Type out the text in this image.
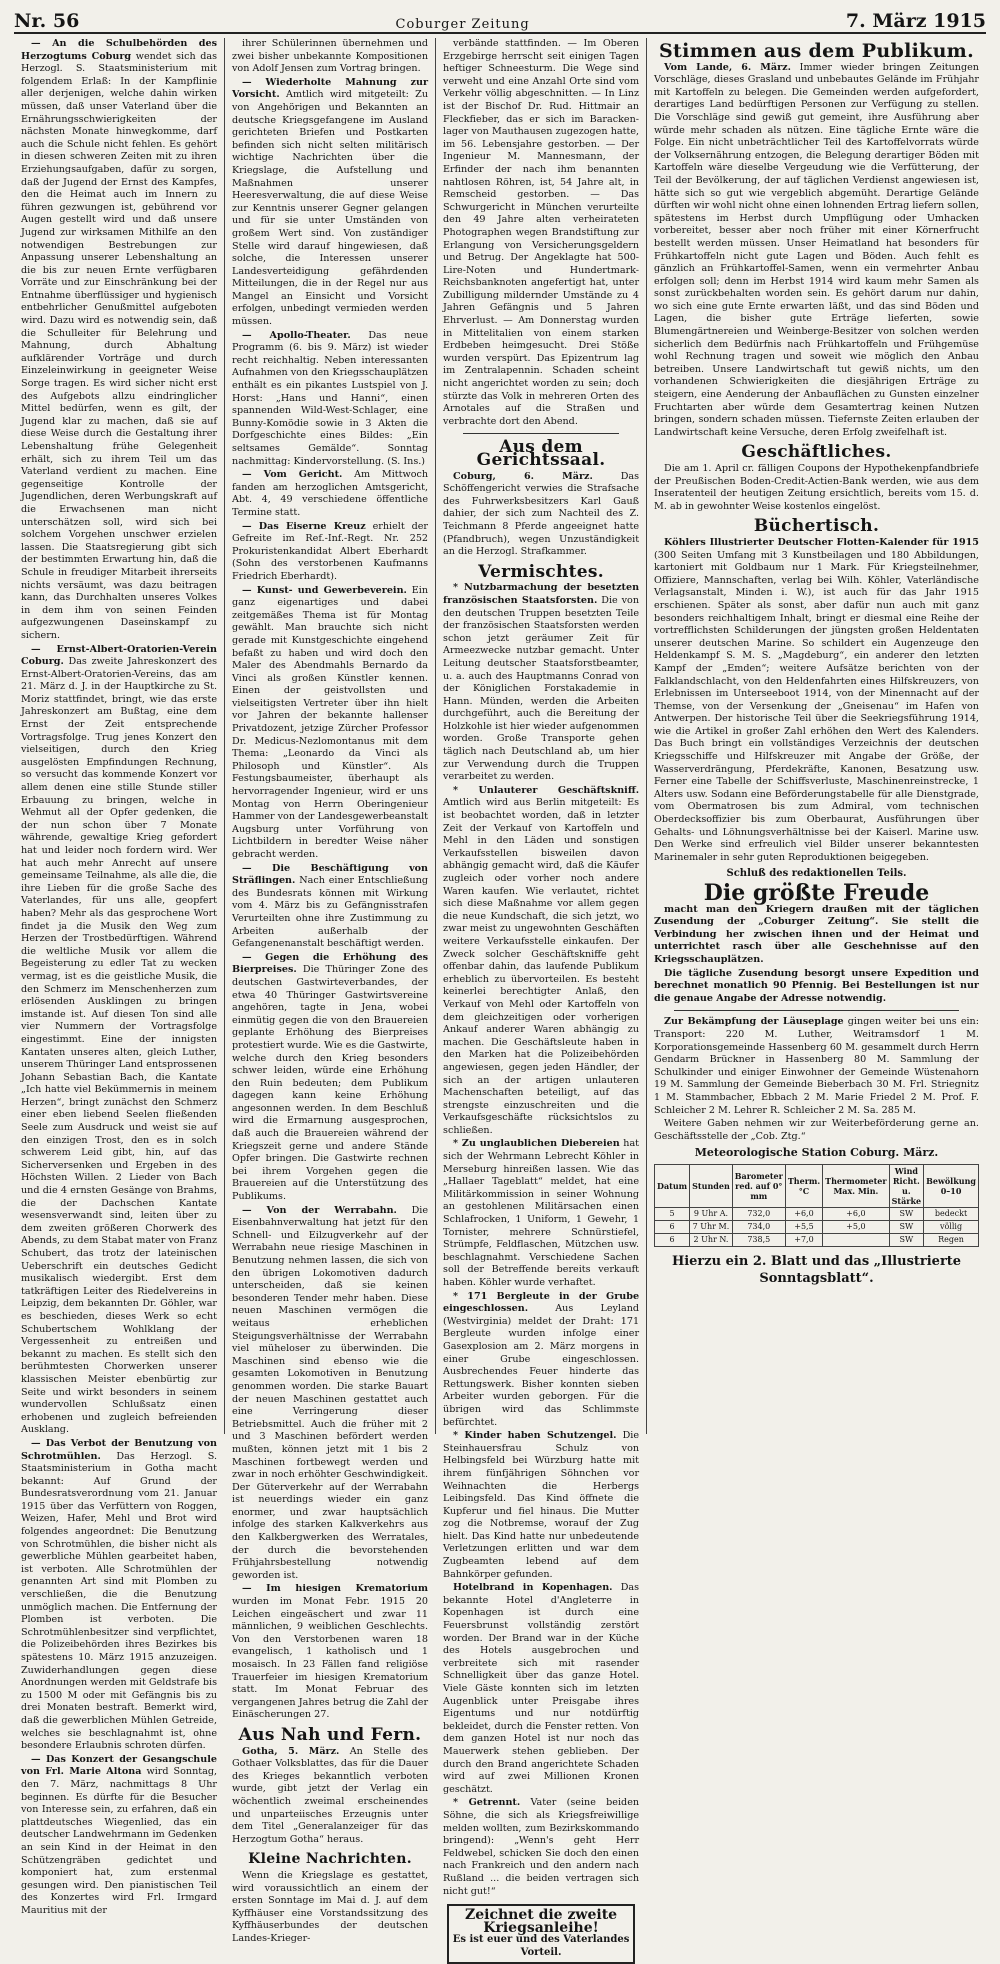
Nr. 56	Coburger Zeitung	7. März 1915

— An die Schulbehörden des Herzogtums Coburg wendet sich das Herzogl. S. Staatsministerium mit folgendem Erlaß: In der Kampflinie aller derjenigen, welche dahin wirken müssen, daß unser Vaterland über die Ernährungsschwierigkeiten der nächsten Monate hinwegkomme, darf auch die Schule nicht fehlen. Es gehört in diesen schweren Zeiten mit zu ihren Erziehungsaufgaben, dafür zu sorgen, daß der Jugend der Ernst des Kampfes, den die Heimat auch im Innern zu führen gezwungen ist, gebührend vor Augen gestellt wird und daß unsere Jugend zur wirksamen Mithilfe an den notwendigen Bestrebungen zur Anpassung unserer Lebenshaltung an die bis zur neuen Ernte verfügbaren Vorräte und zur Einschränkung bei der Entnahme überflüssiger und hygienisch entbehrlicher Genußmittel aufgeboten wird. Dazu wird es notwendig sein, daß die Schulleiter für Belehrung und Mahnung, durch Abhaltung aufklärender Vorträge und durch Einzeleinwirkung in geeigneter Weise Sorge tragen. Es wird sicher nicht erst des Aufgebots allzu eindringlicher Mittel bedürfen, wenn es gilt, der Jugend klar zu machen, daß sie auf diese Weise durch die Gestaltung ihrer Lebenshaltung frühe Gelegenheit erhält, sich zu ihrem Teil um das Vaterland verdient zu machen. Eine gegenseitige Kontrolle der Jugendlichen, deren Werbungskraft auf die Erwachsenen man nicht unterschätzen soll, wird sich bei solchem Vorgehen unschwer erzielen lassen. Die Staatsregierung gibt sich der bestimmten Erwartung hin, daß die Schule in freudiger Mitarbeit ihrerseits nichts versäumt, was dazu beitragen kann, das Durchhalten unseres Volkes in dem ihm von seinen Feinden aufgezwungenen Daseinskampf zu sichern.

— Ernst-Albert-Oratorien-Verein Coburg. Das zweite Jahreskonzert des Ernst-Albert-Oratorien-Vereins, das am 21. März d. J. in der Hauptkirche zu St. Moriz stattfindet, bringt, wie das erste Jahreskonzert am Bußtag, eine dem Ernst der Zeit entsprechende Vortragsfolge. Trug jenes Konzert den vielseitigen, durch den Krieg ausgelösten Empfindungen Rechnung, so versucht das kommende Konzert vor allem denen eine stille Stunde stiller Erbauung zu bringen, welche in Wehmut all der Opfer gedenken, die der nun schon über 7 Monate währende, gewaltige Krieg gefordert hat und leider noch fordern wird. Wer hat auch mehr Anrecht auf unsere gemeinsame Teilnahme, als alle die, die ihre Lieben für die große Sache des Vaterlandes, für uns alle, geopfert haben? Mehr als das gesprochene Wort findet ja die Musik den Weg zum Herzen der Trostbedürftigen. Während die weltliche Musik vor allem die Begeisterung zu edler Tat zu wecken vermag, ist es die geistliche Musik, die den Schmerz im Menschenherzen zum erlösenden Ausklingen zu bringen imstande ist. Auf diesen Ton sind alle vier Nummern der Vortragsfolge eingestimmt. Eine der innigsten Kantaten unseres alten, gleich Luther, unserem Thüringer Land entsprossenen Johann Sebastian Bach, die Kantate „Ich hatte viel Bekümmernis in meinem Herzen“, bringt zunächst den Schmerz einer eben liebend Seelen fließenden Seele zum Ausdruck und weist sie auf den einzigen Trost, den es in solch schwerem Leid gibt, hin, auf das Sicherversenken und Ergeben in des Höchsten Willen. 2 Lieder von Bach und die 4 ernsten Gesänge von Brahms, die der Dachschen Kantate wesensverwandt sind, leiten über zu dem zweiten größeren Chorwerk des Abends, zu dem Stabat mater von Franz Schubert, das trotz der lateinischen Ueberschrift ein deutsches Gedicht musikalisch wiedergibt. Erst dem tatkräftigen Leiter des Riedelvereins in Leipzig, dem bekannten Dr. Göhler, war es beschieden, dieses Werk so echt Schubertschem Wohlklang der Vergessenheit zu entreißen und bekannt zu machen. Es stellt sich den berühmtesten Chorwerken unserer klassischen Meister ebenbürtig zur Seite und wirkt besonders in seinem wundervollen Schlußsatz einen erhobenen und zugleich befreienden Ausklang.

— Das Verbot der Benutzung von Schrotmühlen. Das Herzogl. S. Staatsministerium in Gotha macht bekannt: Auf Grund der Bundesratsverordnung vom 21. Januar 1915 über das Verfüttern von Roggen, Weizen, Hafer, Mehl und Brot wird folgendes angeordnet: Die Benutzung von Schrotmühlen, die bisher nicht als gewerbliche Mühlen gearbeitet haben, ist verboten. Alle Schrotmühlen der genannten Art sind mit Plomben zu verschließen, die die Benutzung unmöglich machen. Die Entfernung der Plomben ist verboten. Die Schrotmühlenbesitzer sind verpflichtet, die Polizeibehörden ihres Bezirkes bis spätestens 10. März 1915 anzuzeigen. Zuwiderhandlungen gegen diese Anordnungen werden mit Geldstrafe bis zu 1500 M oder mit Gefängnis bis zu drei Monaten bestraft. Bemerkt wird, daß die gewerblichen Mühlen Getreide, welches sie beschlagnahmt ist, ohne besondere Erlaubnis schroten dürfen.

— Das Konzert der Gesangschule von Frl. Marie Altona wird Sonntag, den 7. März, nachmittags 8 Uhr beginnen. Es dürfte für die Besucher von Interesse sein, zu erfahren, daß ein plattdeutsches Wiegenlied, das ein deutscher Landwehrmann im Gedenken an sein Kind in der Heimat in den Schützengräben gedichtet und komponiert hat, zum erstenmal gesungen wird. Den pianistischen Teil des Konzertes wird Frl. Irmgard Mauritius mit der

ihrer Schülerinnen übernehmen und zwei bisher unbekannte Kompositionen von Adolf Jensen zum Vortrag bringen.

— Wiederholte Mahnung zur Vorsicht. Amtlich wird mitgeteilt: Zu von Angehörigen und Bekannten an deutsche Kriegsgefangene im Ausland gerichteten Briefen und Postkarten befinden sich nicht selten militärisch wichtige Nachrichten über die Kriegslage, die Aufstellung und Maßnahmen unserer Heeresverwaltung, die auf diese Weise zur Kenntnis unserer Gegner gelangen und für sie unter Umständen von großem Wert sind. Von zuständiger Stelle wird darauf hingewiesen, daß solche, die Interessen unserer Landesverteidigung gefährdenden Mitteilungen, die in der Regel nur aus Mangel an Einsicht und Vorsicht erfolgen, unbedingt vermieden werden müssen.

— Apollo-Theater. Das neue Programm (6. bis 9. März) ist wieder recht reichhaltig. Neben interessanten Aufnahmen von den Kriegsschauplätzen enthält es ein pikantes Lustspiel von J. Horst: „Hans und Hanni“, einen spannenden Wild-West-Schlager, eine Bunny-Komödie sowie in 3 Akten die Dorfgeschichte eines Bildes: „Ein seltsames Gemälde“. Sonntag nachmittag: Kindervorstellung. (S. Ins.)

— Vom Gericht. Am Mittwoch fanden am herzoglichen Amtsgericht, Abt. 4, 49 verschiedene öffentliche Termine statt.

— Das Eiserne Kreuz erhielt der Gefreite im Ref.-Inf.-Regt. Nr. 252 Prokuristenkandidat Albert Eberhardt (Sohn des verstorbenen Kaufmanns Friedrich Eberhardt).

— Kunst- und Gewerbeverein. Ein ganz eigenartiges und dabei zeitgemäßes Thema ist für Montag gewählt. Man brauchte sich nicht gerade mit Kunstgeschichte eingehend befaßt zu haben und wird doch den Maler des Abendmahls Bernardo da Vinci als großen Künstler kennen. Einen der geistvollsten und vielseitigsten Vertreter über ihn hielt vor Jahren der bekannte hallenser Privatdozent, jetzige Zürcher Professor Dr. Medicus-Nezlomontanus mit dem Thema: „Leonardo da Vinci als Philosoph und Künstler“. Als Festungsbaumeister, überhaupt als hervorragender Ingenieur, wird er uns Montag von Herrn Oberingenieur Hammer von der Landesgewerbeanstalt Augsburg unter Vorführung von Lichtbildern in beredter Weise näher gebracht werden.

— Die Beschäftigung von Sträflingen. Nach einer Entschließung des Bundesrats können mit Wirkung vom 4. März bis zu Gefängnisstrafen Verurteilten ohne ihre Zustimmung zu Arbeiten außerhalb der Gefangenenanstalt beschäftigt werden.

— Gegen die Erhöhung des Bierpreises. Die Thüringer Zone des deutschen Gastwirteverbandes, der etwa 40 Thüringer Gastwirtsvereine angehören, tagte in Jena, wobei einmütig gegen die von den Brauereien geplante Erhöhung des Bierpreises protestiert wurde. Wie es die Gastwirte, welche durch den Krieg besonders schwer leiden, würde eine Erhöhung den Ruin bedeuten; dem Publikum dagegen kann keine Erhöhung angesonnen werden. In dem Beschluß wird die Ermarnung ausgesprochen, daß auch die Brauereien während der Kriegszeit gerne und andere Stände Opfer bringen. Die Gastwirte rechnen bei ihrem Vorgehen gegen die Brauereien auf die Unterstützung des Publikums.

— Von der Werrabahn. Die Eisenbahnverwaltung hat jetzt für den Schnell- und Eilzugverkehr auf der Werrabahn neue riesige Maschinen in Benutzung nehmen lassen, die sich von den übrigen Lokomotiven dadurch unterscheiden, daß sie keinen besonderen Tender mehr haben. Diese neuen Maschinen vermögen die weitaus erheblichen Steigungsverhältnisse der Werrabahn viel müheloser zu überwinden. Die Maschinen sind ebenso wie die gesamten Lokomotiven in Benutzung genommen worden. Die starke Bauart der neuen Maschinen gestattet auch eine Verringerung dieser Betriebsmittel. Auch die früher mit 2 und 3 Maschinen befördert werden mußten, können jetzt mit 1 bis 2 Maschinen fortbewegt werden und zwar in noch erhöhter Geschwindigkeit. Der Güterverkehr auf der Werrabahn ist neuerdings wieder ein ganz enormer, und zwar hauptsächlich infolge des starken Kalkverkehrs aus den Kalkbergwerken des Werratales, der durch die bevorstehenden Frühjahrsbestellung notwendig geworden ist.

— Im hiesigen Krematorium wurden im Monat Febr. 1915 20 Leichen eingeäschert und zwar 11 männlichen, 9 weiblichen Geschlechts. Von den Verstorbenen waren 18 evangelisch, 1 katholisch und 1 mosaisch. In 23 Fällen fand religiöse Trauerfeier im hiesigen Krematorium statt. Im Monat Februar des vergangenen Jahres betrug die Zahl der Einäscherungen 27.

Aus Nah und Fern.

Gotha, 5. März. An Stelle des Gothaer Volksblattes, das für die Dauer des Krieges bekanntlich verboten wurde, gibt jetzt der Verlag ein wöchentlich zweimal erscheinendes und unparteiisches Erzeugnis unter dem Titel „Generalanzeiger für das Herzogtum Gotha“ heraus.

Kleine Nachrichten.

Wenn die Kriegslage es gestattet, wird voraussichtlich an einem der ersten Sonntage im Mai d. J. auf dem Kyffhäuser eine Vorstandssitzung des Kyffhäuserbundes der deutschen Landes-Krieger-

verbände stattfinden. — Im Oberen Erzgebirge herrscht seit einigen Tagen heftiger Schneesturm. Die Wege sind verweht und eine Anzahl Orte sind vom Verkehr völlig abgeschnitten. — In Linz ist der Bischof Dr. Rud. Hittmair an Fleckfieber, das er sich im Barackenlager von Mauthausen zugezogen hatte, im 56. Lebensjahre gestorben. — Der Ingenieur M. Mannesmann, der Erfinder der nach ihm benannten nahtlosen Röhren, ist, 54 Jahre alt, in Remscheid gestorben. — Das Schwurgericht in München verurteilte den 49 Jahre alten verheirateten Photographen wegen Brandstiftung zur Erlangung von Versicherungsgeldern und Betrug. Der Angeklagte hat 500-Lire-Noten und Hundertmark-Reichsbanknoten angefertigt hat, unter Zubilligung mildernder Umstände zu 4 Jahren Gefängnis und 5 Jahren Ehrverlust. — Am Donnerstag wurden in Mittelitalien von einem starken Erdbeben heimgesucht. Drei Stöße wurden verspürt. Das Epizentrum lag im Zentralapennin. Schaden scheint nicht angerichtet worden zu sein; doch stürzte das Volk in mehreren Orten des Arnotales auf die Straßen und verbrachte dort den Abend.

Aus dem Gerichtssaal.

Coburg, 6. März.	Das Schöffengericht verwies die Strafsache des Fuhrwerksbesitzers Karl Gauß dahier, der sich zum Nachteil des Z. Teichmann 8 Pferde angeeignet hatte (Pfandbruch), wegen Unzuständigkeit an die Herzogl. Strafkammer.

Vermischtes.

* Nutzbarmachung der besetzten französischen Staatsforsten. Die von den deutschen Truppen besetzten Teile der französischen Staatsforsten werden schon jetzt geräumer Zeit für Armeezwecke nutzbar gemacht. Unter Leitung deutscher Staatsforstbeamter, u. a. auch des Hauptmanns Conrad von der Königlichen Forstakademie in Hann. Münden, werden die Arbeiten durchgeführt, auch die Bereitung der Holzkohle ist hier wieder aufgenommen worden. Große Transporte gehen täglich nach Deutschland ab, um hier zur Verwendung durch die Truppen verarbeitet zu werden.

* Unlauterer Geschäftskniff. Amtlich wird aus Berlin mitgeteilt: Es ist beobachtet worden, daß in letzter Zeit der Verkauf von Kartoffeln und Mehl in den Läden und sonstigen Verkaufsstellen bisweilen davon abhängig gemacht wird, daß die Käufer zugleich oder vorher noch andere Waren kaufen. Wie verlautet, richtet sich diese Maßnahme vor allem gegen die neue Kundschaft, die sich jetzt, wo zwar meist zu ungewohnten Geschäften weitere Verkaufsstelle einkaufen. Der Zweck solcher Geschäftskniffe geht offenbar dahin, das laufende Publikum erheblich zu übervorteilen. Es besteht keinerlei berechtigter Anlaß, den Verkauf von Mehl oder Kartoffeln von dem gleichzeitigen oder vorherigen Ankauf anderer Waren abhängig zu machen. Die Geschäftsleute haben in den Marken hat die Polizeibehörden angewiesen, gegen jeden Händler, der sich an der artigen unlauteren Machenschaften beteiligt, auf das strengste einzuschreiten und die Verkaufsgeschäfte rücksichtslos zu schließen.

* Zu unglaublichen Diebereien hat sich der Wehrmann Lebrecht Köhler in Merseburg hinreißen lassen. Wie das „Hallaer Tageblatt“ meldet, hat eine Militärkommission in seiner Wohnung an gestohlenen Militärsachen einen Schlafrocken, 1 Uniform, 1 Gewehr, 1 Tornister, mehrere Schnürstiefel, Strümpfe, Feldflaschen, Mützchen usw. beschlagnahmt. Verschiedene Sachen soll der Betreffende bereits verkauft haben. Köhler wurde verhaftet.

* 171 Bergleute in der Grube eingeschlossen.	Aus Leyland (Westvirginia) meldet der Draht: 171 Bergleute wurden infolge einer Gasexplosion am 2. März morgens in einer Grube eingeschlossen. Ausbrechendes Feuer hinderte das Rettungswerk. Bisher konnten sieben Arbeiter wurden geborgen. Für die übrigen wird das Schlimmste befürchtet.

* Kinder haben Schutzengel. Die Steinhauersfrau Schulz von Helbingsfeld bei Würzburg hatte mit ihrem fünfjährigen Söhnchen vor Weihnachten die Herbergs Leibingsfeld. Das Kind öffnete die Kupferur und fiel hinaus. Die Mutter zog die Notbremse, worauf der Zug hielt. Das Kind hatte nur unbedeutende Verletzungen erlitten und war dem Zugbeamten lebend auf dem Bahnkörper gefunden.

Hotelbrand in Kopenhagen. Das bekannte Hotel d'Angleterre in Kopenhagen ist durch eine Feuersbrunst vollständig zerstört worden. Der Brand war in der Küche des Hotels ausgebrochen und verbreitete sich mit rasender Schnelligkeit über das ganze Hotel. Viele Gäste konnten sich im letzten Augenblick unter Preisgabe ihres Eigentums und nur notdürftig bekleidet, durch die Fenster retten. Von dem ganzen Hotel ist nur noch das Mauerwerk stehen geblieben. Der durch den Brand angerichtete Schaden wird auf zwei Millionen Kronen geschätzt.

* Getrennt. Vater (seine beiden Söhne, die sich als Kriegsfreiwillige melden wollten, zum Bezirkskommando bringend): „Wenn's geht Herr Feldwebel, schicken Sie doch den einen nach Frankreich und den andern nach Rußland ... die beiden vertragen sich nicht gut!“

Zeichnet die zweite Kriegsanleihe!
Es ist euer und des Vaterlandes Vorteil.
Stimmen aus dem Publikum.

Vom Lande, 6. März. Immer wieder bringen Zeitungen Vorschläge, dieses Grasland und unbebautes Gelände im Frühjahr mit Kartoffeln zu belegen. Die Gemeinden werden aufgefordert, derartiges Land bedürftigen Personen zur Verfügung zu stellen. Die Vorschläge sind gewiß gut gemeint, ihre Ausführung aber würde mehr schaden als nützen. Eine tägliche Ernte wäre die Folge. Ein nicht unbeträchtlicher Teil des Kartoffelvorrats würde der Volksernährung entzogen, die Belegung derartiger Böden mit Kartoffeln wäre dieselbe Vergeudung wie die Verfütterung, der Teil der Bevölkerung, der auf täglichen Verdienst angewiesen ist, hätte sich so gut wie vergeblich abgemüht. Derartige Gelände dürften wir wohl nicht ohne einen lohnenden Ertrag liefern sollen, spätestens im Herbst durch Umpflügung oder Umhacken vorbereitet, besser aber noch früher mit einer Körnerfrucht bestellt werden müssen. Unser Heimatland hat besonders für Frühkartoffeln nicht gute Lagen und Böden. Auch fehlt es gänzlich an Frühkartoffel-Samen, wenn ein vermehrter Anbau erfolgen soll; denn im Herbst 1914 wird kaum mehr Samen als sonst zurückbehalten worden sein. Es gehört darum nur dahin, wo sich eine gute Ernte erwarten läßt, und das sind Böden und Lagen, die bisher gute Erträge lieferten, sowie Blumengärtnereien und Weinberge-Besitzer von solchen werden sicherlich dem Bedürfnis nach Frühkartoffeln und Frühgemüse wohl Rechnung tragen und soweit wie möglich den Anbau betreiben. Unsere Landwirtschaft tut gewiß nichts, um den vorhandenen Schwierigkeiten die diesjährigen Erträge zu steigern, eine Aenderung der Anbauflächen zu Gunsten einzelner Fruchtarten aber würde dem Gesamtertrag keinen Nutzen bringen, sondern schaden müssen. Tiefernste Zeiten erlauben der Landwirtschaft keine Versuche, deren Erfolg zweifelhaft ist.

Geschäftliches.

Die am 1. April cr. fälligen Coupons der Hypothekenpfandbriefe der Preußischen Boden-Credit-Actien-Bank werden, wie aus dem Inseratenteil der heutigen Zeitung ersichtlich, bereits vom 15. d. M. ab in gewohnter Weise kostenlos eingelöst.

Büchertisch.

Köhlers Illustrierter Deutscher Flotten-Kalender für 1915 (300 Seiten Umfang mit 3 Kunstbeilagen und 180 Abbildungen, kartoniert mit Goldbaum nur 1 Mark. Für Kriegsteilnehmer, Offiziere, Mannschaften, verlag bei Wilh. Köhler, Vaterländische Verlagsanstalt, Minden i. W.), ist auch für das Jahr 1915 erschienen. Später als sonst, aber dafür nun auch mit ganz besonders reichhaltigem Inhalt, bringt er diesmal eine Reihe der vortrefflichsten Schilderungen der jüngsten großen Heldentaten unserer deutschen Marine. So schildert ein Augenzeuge den Heldenkampf S. M. S. „Magdeburg“, ein anderer den letzten Kampf der „Emden“; weitere Aufsätze berichten von der Falklandschlacht, von den Heldenfahrten eines Hilfskreuzers, von Erlebnissen im Unterseeboot 1914, von der Minennacht auf der Themse, von der Versenkung der „Gneisenau“ im Hafen von Antwerpen. Der historische Teil über die Seekriegsführung 1914, wie die Artikel in großer Zahl erhöhen den Wert des Kalenders. Das Buch bringt ein vollständiges Verzeichnis der deutschen Kriegsschiffe und Hilfskreuzer mit Angabe der Größe, der Wasserverdrängung, Pferdekräfte, Kanonen, Besatzung usw. Ferner eine Tabelle der Schiffsverluste, Maschinenreinstrecke, 1 Alters usw. Sodann eine Beförderungstabelle für alle Dienstgrade, vom Obermatrosen bis zum Admiral, vom technischen Oberdecksoffizier bis zum Oberbaurat, Ausführungen über Gehalts- und Löhnungsverhältnisse bei der Kaiserl. Marine usw. Den Werke sind erfreulich viel Bilder unserer bekanntesten Marinemaler in sehr guten Reproduktionen beigegeben.

Schluß des redaktionellen Teils.
Die größte Freude

macht man den Kriegern draußen mit der täglichen Zusendung der „Coburger Zeitung“. Sie stellt die Verbindung her zwischen ihnen und der Heimat und unterrichtet rasch über alle Geschehnisse auf den Kriegsschauplätzen.

Die tägliche Zusendung besorgt unsere Expedition und berechnet monatlich 90 Pfennig. Bei Bestellungen ist nur die genaue Angabe der Adresse notwendig.

Zur Bekämpfung der Läuseplage gingen weiter bei uns ein: Transport: 220 M. Luther, Weitramsdorf 1 M. Korporationsgemeinde Hassenberg 60 M. gesammelt durch Herrn Gendarm Brückner in Hassenberg 80 M. Sammlung der Schulkinder und einiger Einwohner der Gemeinde Wüstenahorn 19 M. Sammlung der Gemeinde Bieberbach 30 M. Frl. Striegnitz 1 M. Stammbacher, Ebbach 2 M. Marie Friedel 2 M. Prof. F. Schleicher 2 M. Lehrer R. Schleicher 2 M. Sa. 285 M.

Weitere Gaben nehmen wir zur Weiterbeförderung gerne an. Geschäftsstelle der „Cob. Ztg.“

Meteorologische Station Coburg. März.
Datum	Stunden	Barometer red. auf 0° mm	Therm. °C	Thermometer Max. Min.	Wind Richt. u. Stärke	Bewölkung 0–10
5	9 Uhr A.	732,0	+6,0	+6,0	SW	bedeckt
6	7 Uhr M.	734,0	+5,5	+5,0	SW	völlig
6	2 Uhr N.	738,5	+7,0		SW	Regen
Hierzu ein 2. Blatt und das „Illustrierte Sonntagsblatt“.
